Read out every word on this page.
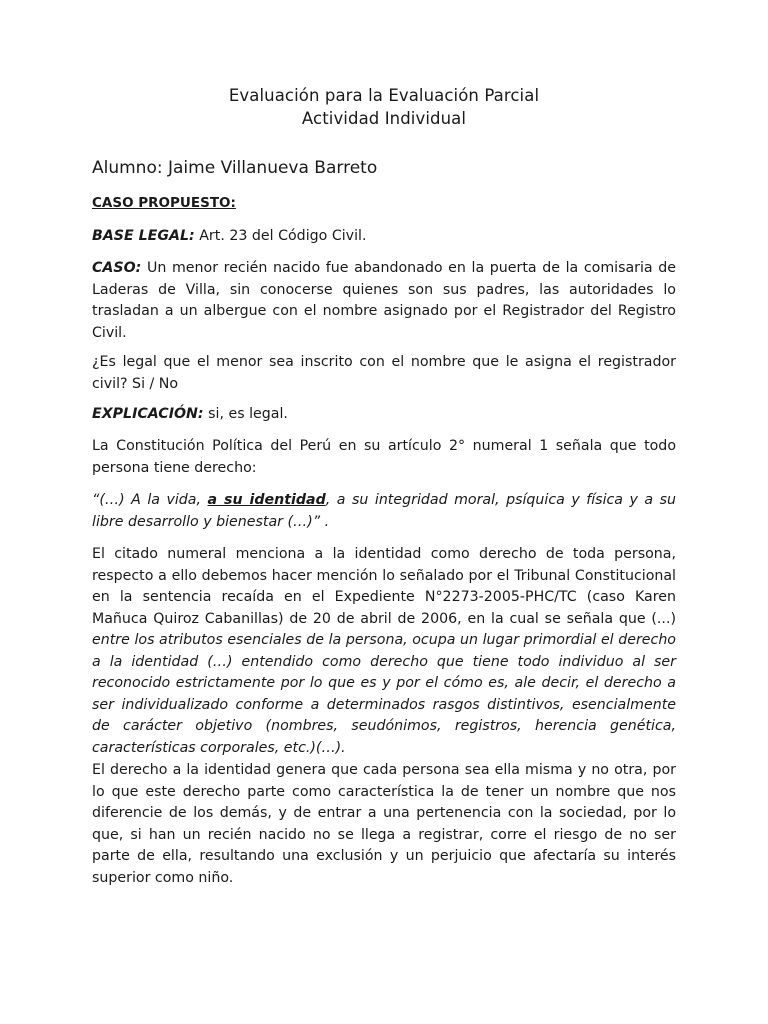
Evaluación para la Evaluación Parcial
Actividad Individual
Alumno: Jaime Villanueva Barreto

CASO PROPUESTO:

BASE LEGAL: Art. 23 del Código Civil.

CASO: Un menor recién nacido fue abandonado en la puerta de la comisaria de Laderas de Villa, sin conocerse quienes son sus padres, las autoridades lo trasladan a un albergue con el nombre asignado por el Registrador del Registro Civil.

¿Es legal que el menor sea inscrito con el nombre que le asigna el registrador civil? Si / No

EXPLICACIÓN: si, es legal.

La Constitución Política del Perú en su artículo 2° numeral 1 señala que todo persona tiene derecho:

“(…) A la vida, a su identidad, a su integridad moral, psíquica y física y a su libre desarrollo y bienestar (…)” .

El citado numeral menciona a la identidad como derecho de toda persona, respecto a ello debemos hacer mención lo señalado por el Tribunal Constitucional en la sentencia recaída en el Expediente N°2273-2005-PHC/TC (caso Karen Mañuca Quiroz Cabanillas) de 20 de abril de 2006, en la cual se señala que (...) entre los atributos esenciales de la persona, ocupa un lugar primordial el derecho a la identidad (…) entendido como derecho que tiene todo individuo al ser reconocido estrictamente por lo que es y por el cómo es, ale decir, el derecho a ser individualizado conforme a determinados rasgos distintivos, esencialmente de carácter objetivo (nombres, seudónimos, registros, herencia genética, características corporales, etc.)(…).

El derecho a la identidad genera que cada persona sea ella misma y no otra, por lo que este derecho parte como característica la de tener un nombre que nos diferencie de los demás, y de entrar a una pertenencia con la sociedad, por lo que, si han un recién nacido no se llega a registrar, corre el riesgo de no ser parte de ella, resultando una exclusión y un perjuicio que afectaría su interés superior como niño.
